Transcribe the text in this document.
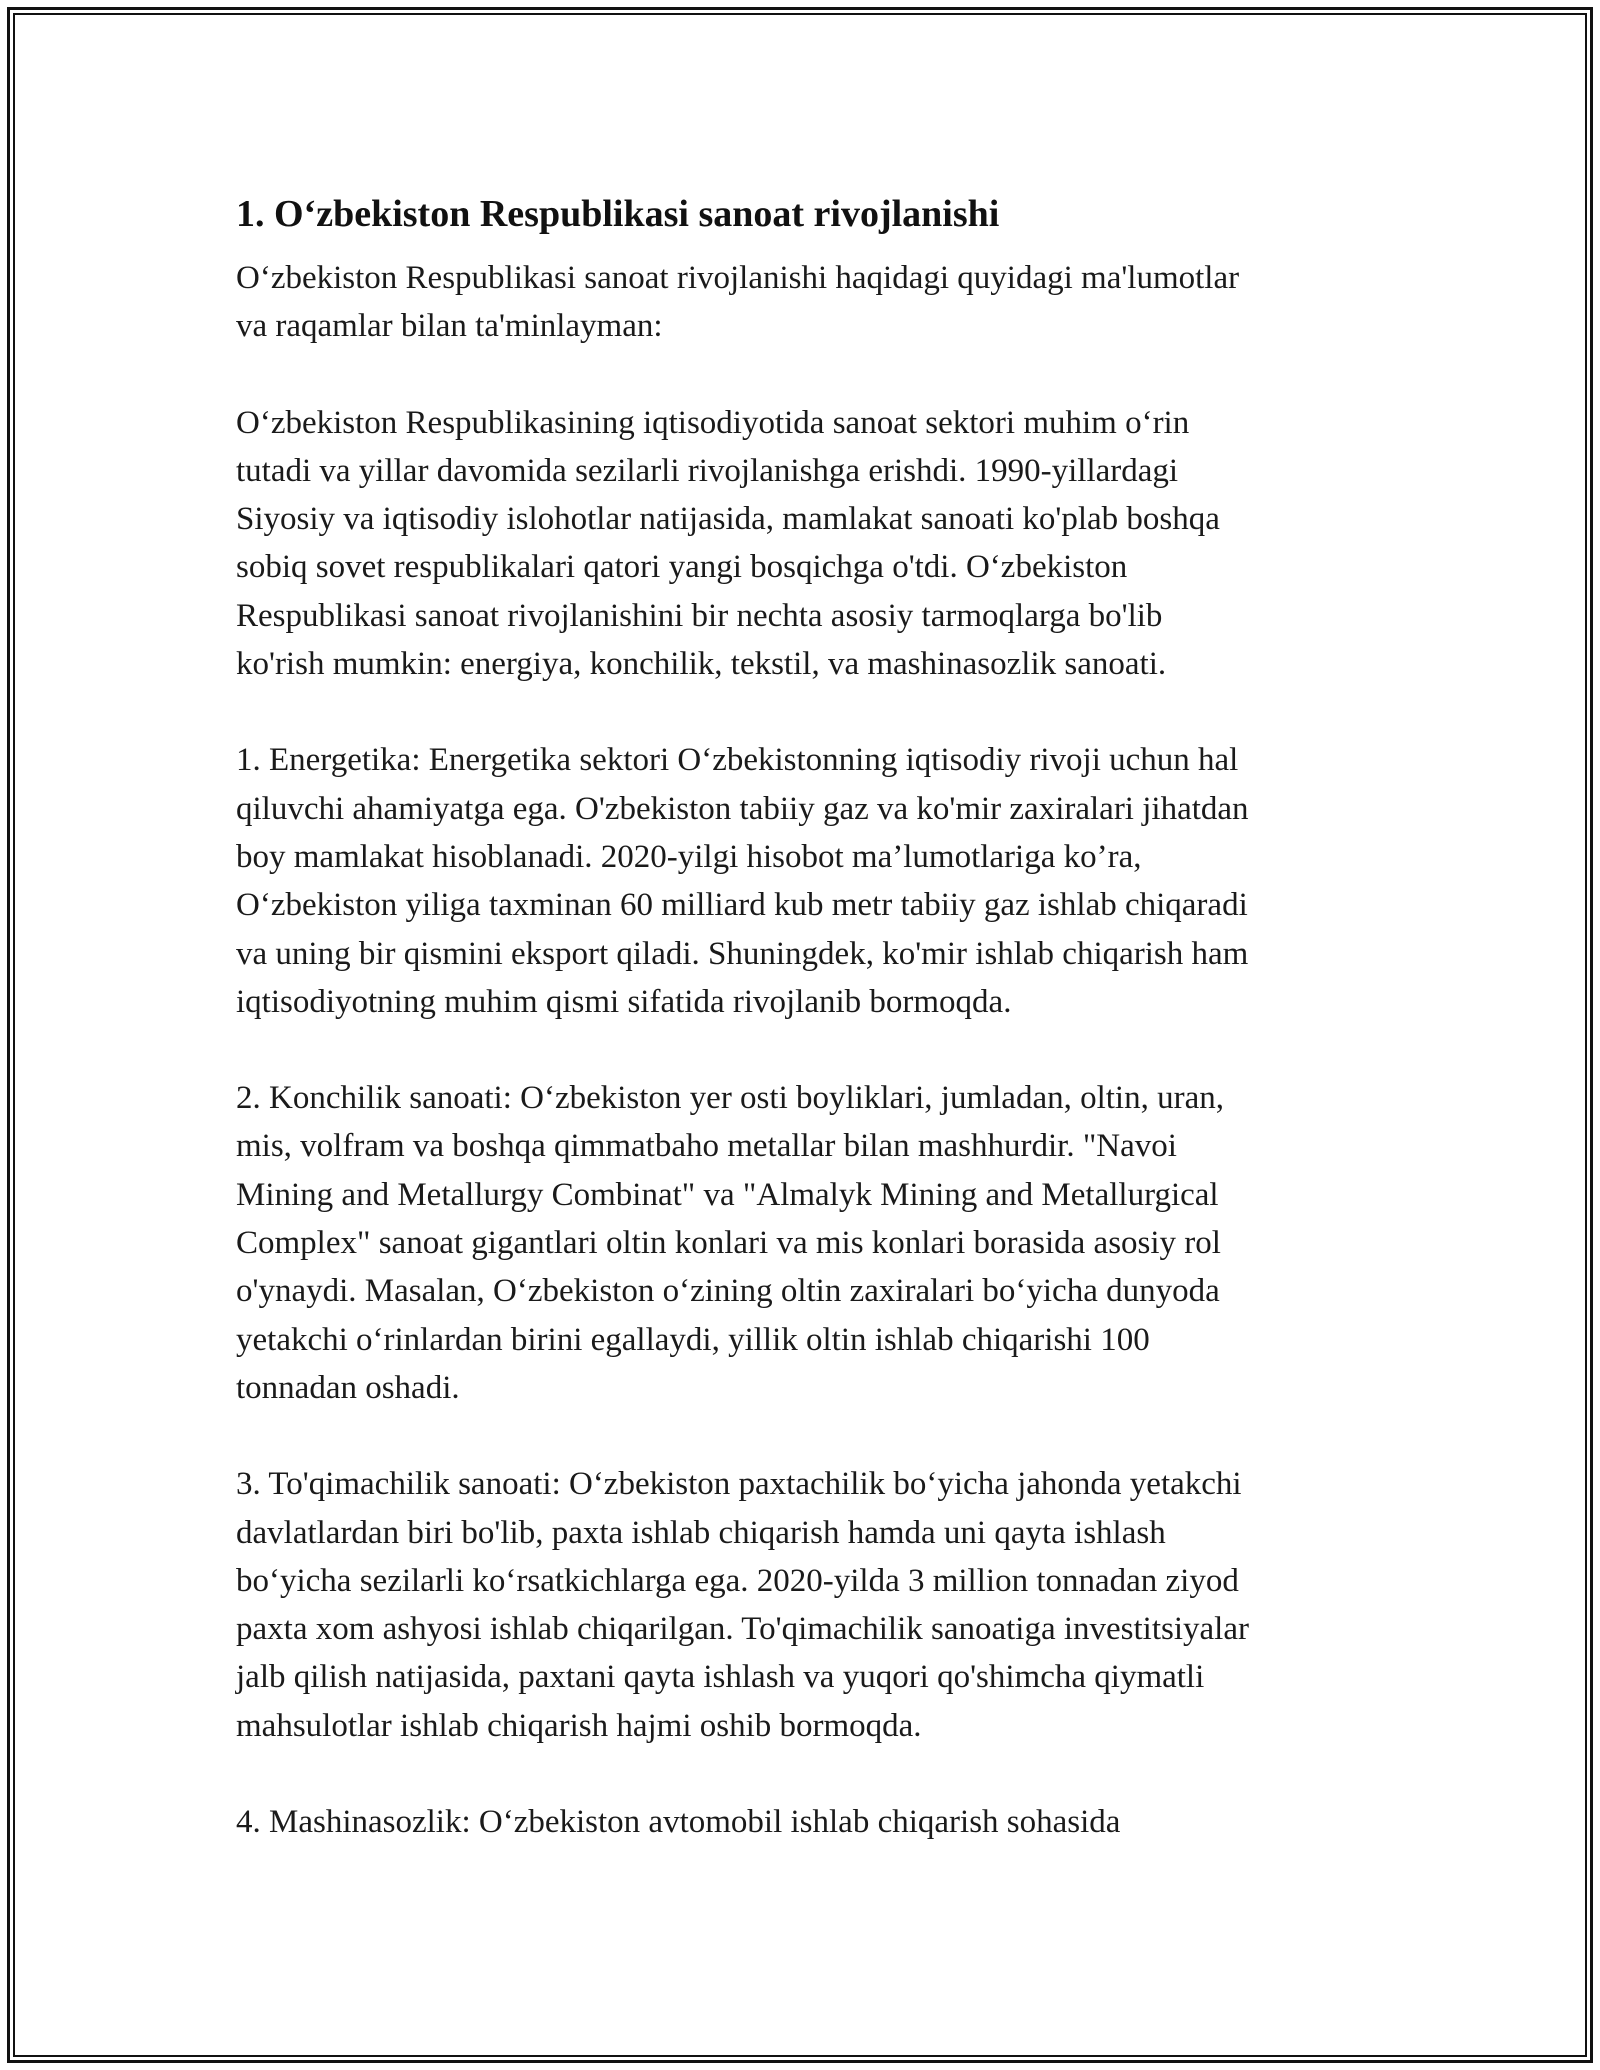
1. O‘zbekiston Respublikasi sanoat rivojlanishi

O‘zbekiston Respublikasi sanoat rivojlanishi haqidagi quyidagi ma'lumotlar
va raqamlar bilan ta'minlayman:

O‘zbekiston Respublikasining iqtisodiyotida sanoat sektori muhim o‘rin
tutadi va yillar davomida sezilarli rivojlanishga erishdi. 1990-yillardagi
Siyosiy va iqtisodiy islohotlar natijasida, mamlakat sanoati ko'plab boshqa
sobiq sovet respublikalari qatori yangi bosqichga o'tdi. O‘zbekiston
Respublikasi sanoat rivojlanishini bir nechta asosiy tarmoqlarga bo'lib
ko'rish mumkin: energiya, konchilik, tekstil, va mashinasozlik sanoati.

1. Energetika: Energetika sektori O‘zbekistonning iqtisodiy rivoji uchun hal
qiluvchi ahamiyatga ega. O'zbekiston tabiiy gaz va ko'mir zaxiralari jihatdan
boy mamlakat hisoblanadi. 2020-yilgi hisobot ma’lumotlariga ko’ra,
O‘zbekiston yiliga taxminan 60 milliard kub metr tabiiy gaz ishlab chiqaradi
va uning bir qismini eksport qiladi. Shuningdek, ko'mir ishlab chiqarish ham
iqtisodiyotning muhim qismi sifatida rivojlanib bormoqda.

2. Konchilik sanoati: O‘zbekiston yer osti boyliklari, jumladan, oltin, uran,
mis, volfram va boshqa qimmatbaho metallar bilan mashhurdir. "Navoi
Mining and Metallurgy Combinat" va "Almalyk Mining and Metallurgical
Complex" sanoat gigantlari oltin konlari va mis konlari borasida asosiy rol
o'ynaydi. Masalan, O‘zbekiston o‘zining oltin zaxiralari bo‘yicha dunyoda
yetakchi o‘rinlardan birini egallaydi, yillik oltin ishlab chiqarishi 100
tonnadan oshadi.

3. To'qimachilik sanoati: O‘zbekiston paxtachilik bo‘yicha jahonda yetakchi
davlatlardan biri bo'lib, paxta ishlab chiqarish hamda uni qayta ishlash
bo‘yicha sezilarli ko‘rsatkichlarga ega. 2020-yilda 3 million tonnadan ziyod
paxta xom ashyosi ishlab chiqarilgan. To'qimachilik sanoatiga investitsiyalar
jalb qilish natijasida, paxtani qayta ishlash va yuqori qo'shimcha qiymatli
mahsulotlar ishlab chiqarish hajmi oshib bormoqda.

4. Mashinasozlik: O‘zbekiston avtomobil ishlab chiqarish sohasida
